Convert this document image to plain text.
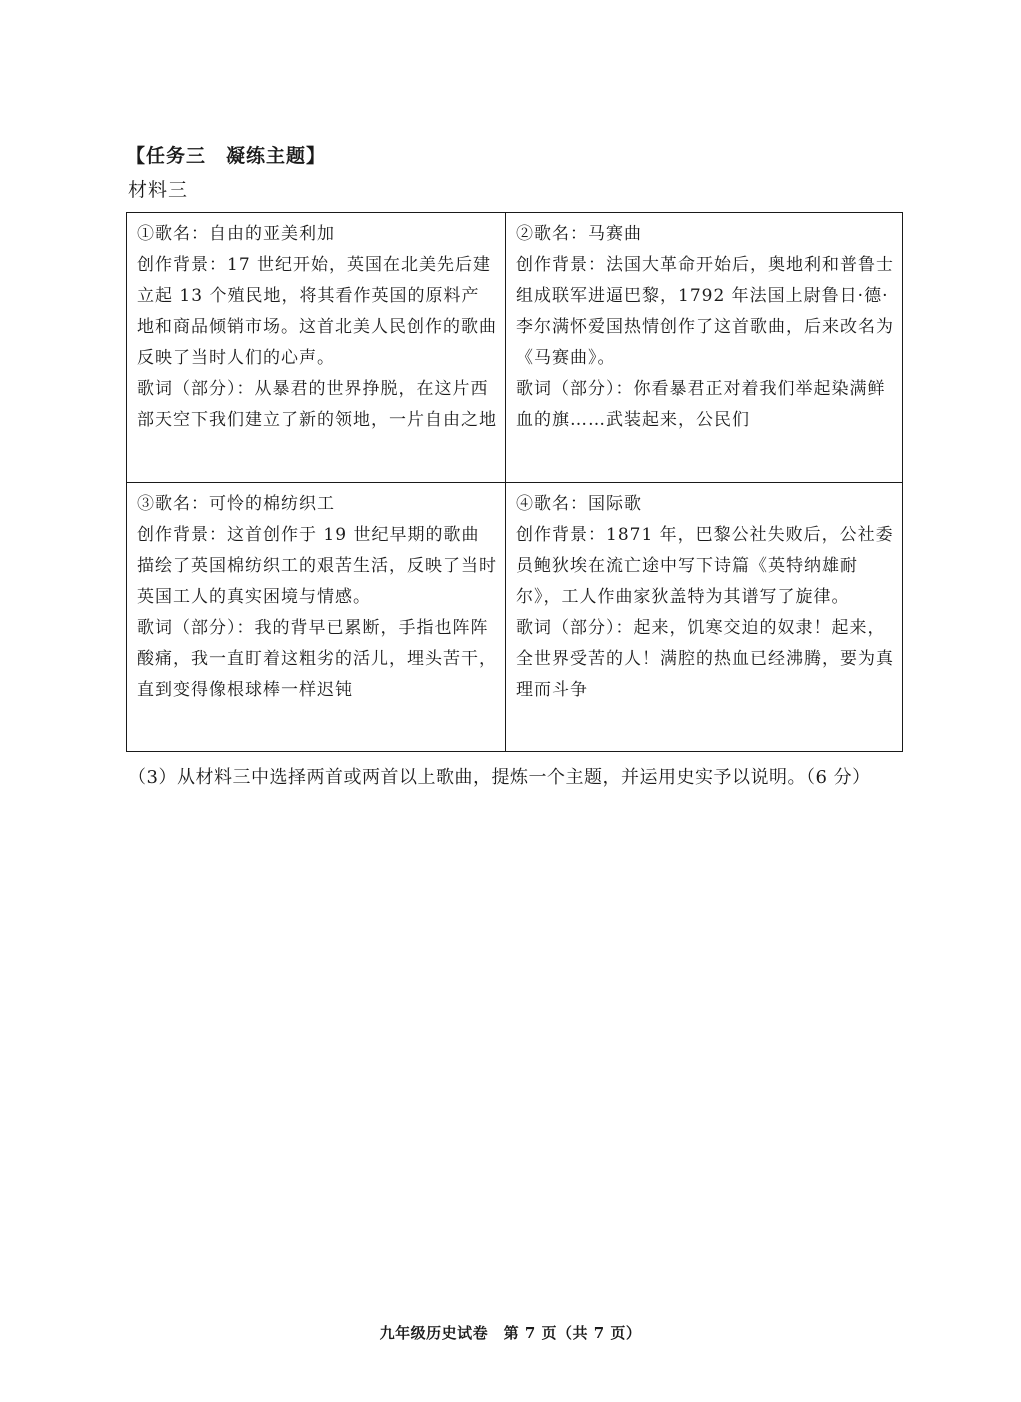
【任务三　凝练主题】
材料三
①歌名：自由的亚美利加
创作背景：17 世纪开始，英国在北美先后建立起 13 个殖民地，将其看作英国的原料产地和商品倾销市场。这首北美人民创作的歌曲反映了当时人们的心声。
歌词（部分）：从暴君的世界挣脱，在这片西部天空下我们建立了新的领地，一片自由之地	②歌名：马赛曲
创作背景：法国大革命开始后，奥地利和普鲁士组成联军进逼巴黎，1792 年法国上尉鲁日·德·李尔满怀爱国热情创作了这首歌曲，后来改名为《马赛曲》。
歌词（部分）：你看暴君正对着我们举起染满鲜血的旗……武装起来，公民们

③歌名：可怜的棉纺织工
创作背景：这首创作于 19 世纪早期的歌曲描绘了英国棉纺织工的艰苦生活，反映了当时英国工人的真实困境与情感。
歌词（部分）：我的背早已累断，手指也阵阵酸痛，我一直盯着这粗劣的活儿，埋头苦干，直到变得像根球棒一样迟钝	④歌名：国际歌
创作背景：1871 年，巴黎公社失败后，公社委员鲍狄埃在流亡途中写下诗篇《英特纳雄耐尔》，工人作曲家狄盖特为其谱写了旋律。
歌词（部分）：起来，饥寒交迫的奴隶！起来，全世界受苦的人！满腔的热血已经沸腾，要为真理而斗争
（3）从材料三中选择两首或两首以上歌曲，提炼一个主题，并运用史实予以说明。（6 分）
九年级历史试卷　第 7 页（共 7 页）
